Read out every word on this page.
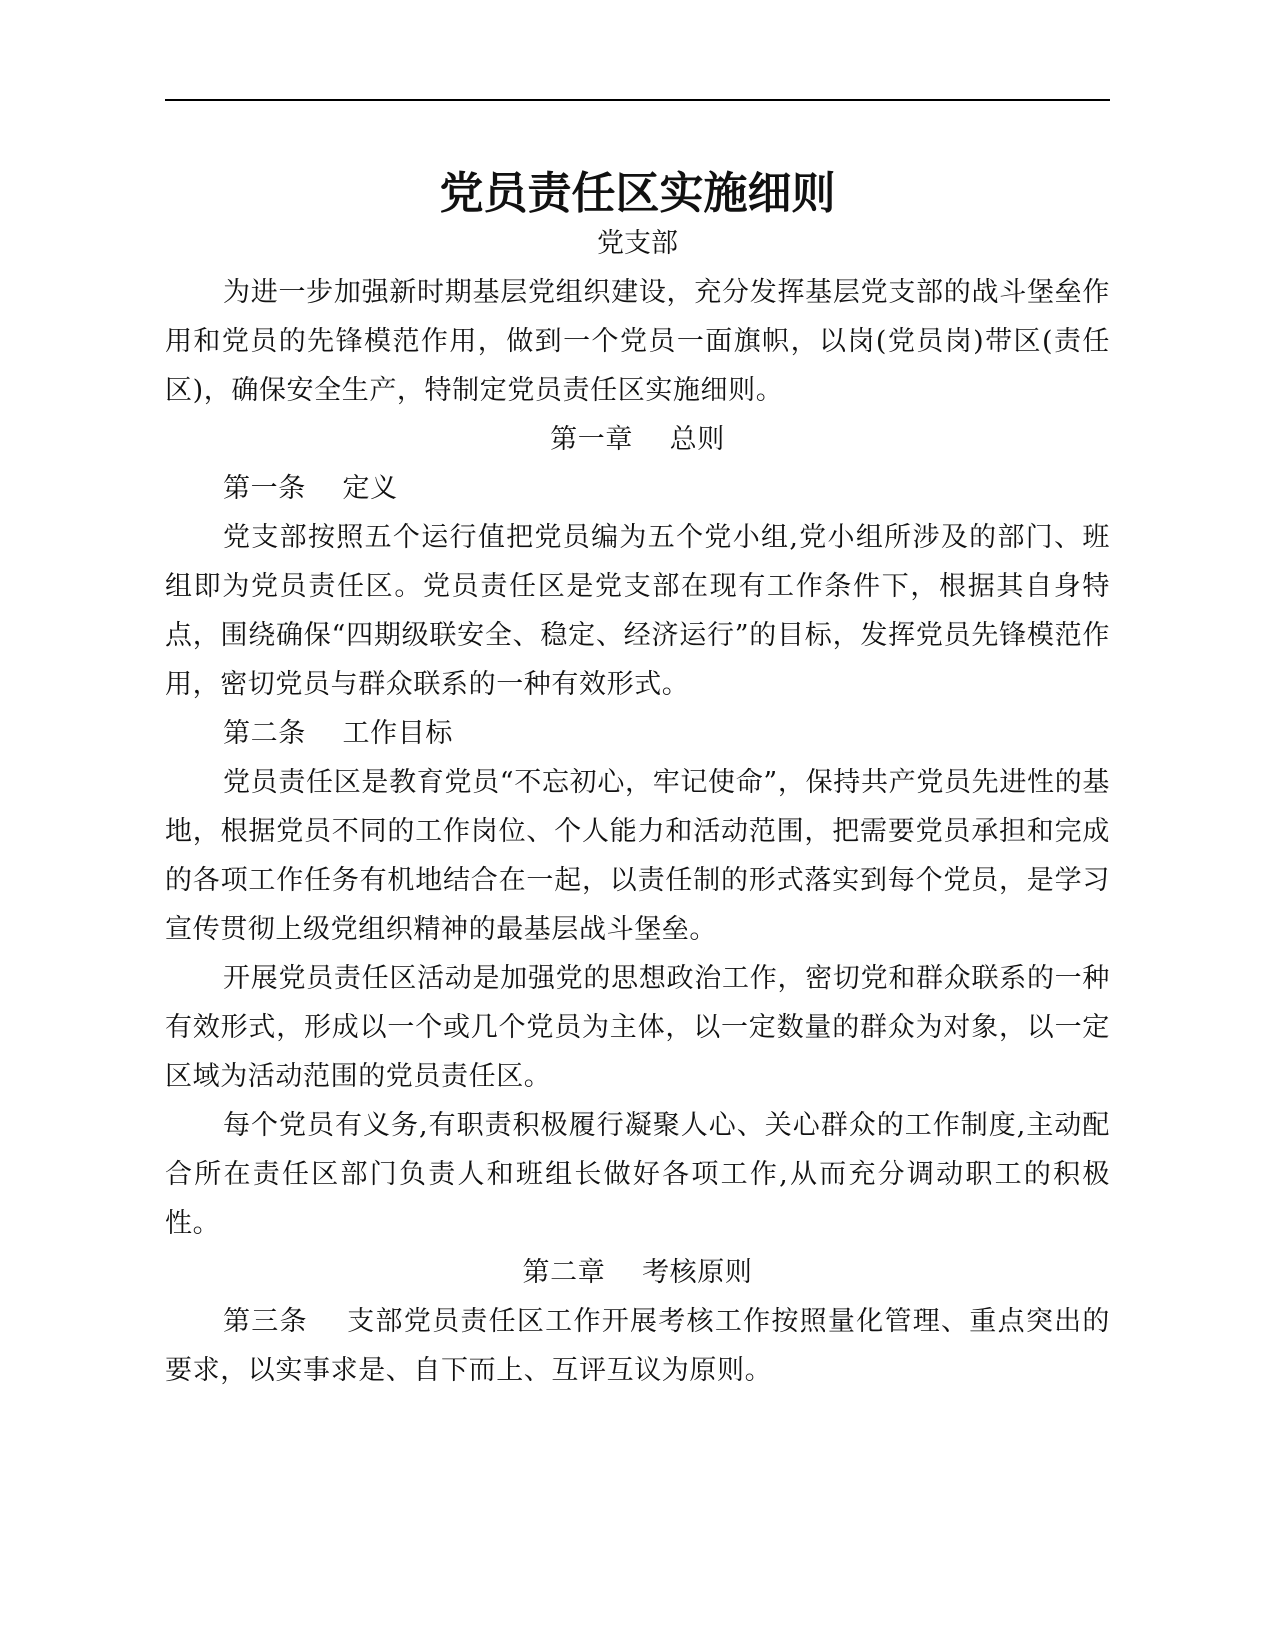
党员责任区实施细则
党支部

为进一步加强新时期基层党组织建设，充分发挥基层党支部的战斗堡垒作用和党员的先锋模范作用，做到一个党员一面旗帜，以岗(党员岗)带区(责任区)，确保安全生产，特制定党员责任区实施细则。

第一章 总则

第一条 定义

党支部按照五个运行值把党员编为五个党小组,党小组所涉及的部门、班组即为党员责任区。党员责任区是党支部在现有工作条件下，根据其自身特点，围绕确保“四期级联安全、稳定、经济运行”的目标，发挥党员先锋模范作用，密切党员与群众联系的一种有效形式。

第二条 工作目标

党员责任区是教育党员“不忘初心，牢记使命”，保持共产党员先进性的基地，根据党员不同的工作岗位、个人能力和活动范围，把需要党员承担和完成的各项工作任务有机地结合在一起，以责任制的形式落实到每个党员，是学习宣传贯彻上级党组织精神的最基层战斗堡垒。

开展党员责任区活动是加强党的思想政治工作，密切党和群众联系的一种有效形式，形成以一个或几个党员为主体，以一定数量的群众为对象，以一定区域为活动范围的党员责任区。

每个党员有义务,有职责积极履行凝聚人心、关心群众的工作制度,主动配合所在责任区部门负责人和班组长做好各项工作,从而充分调动职工的积极性。

第二章 考核原则

第三条 支部党员责任区工作开展考核工作按照量化管理、重点突出的要求，以实事求是、自下而上、互评互议为原则。
